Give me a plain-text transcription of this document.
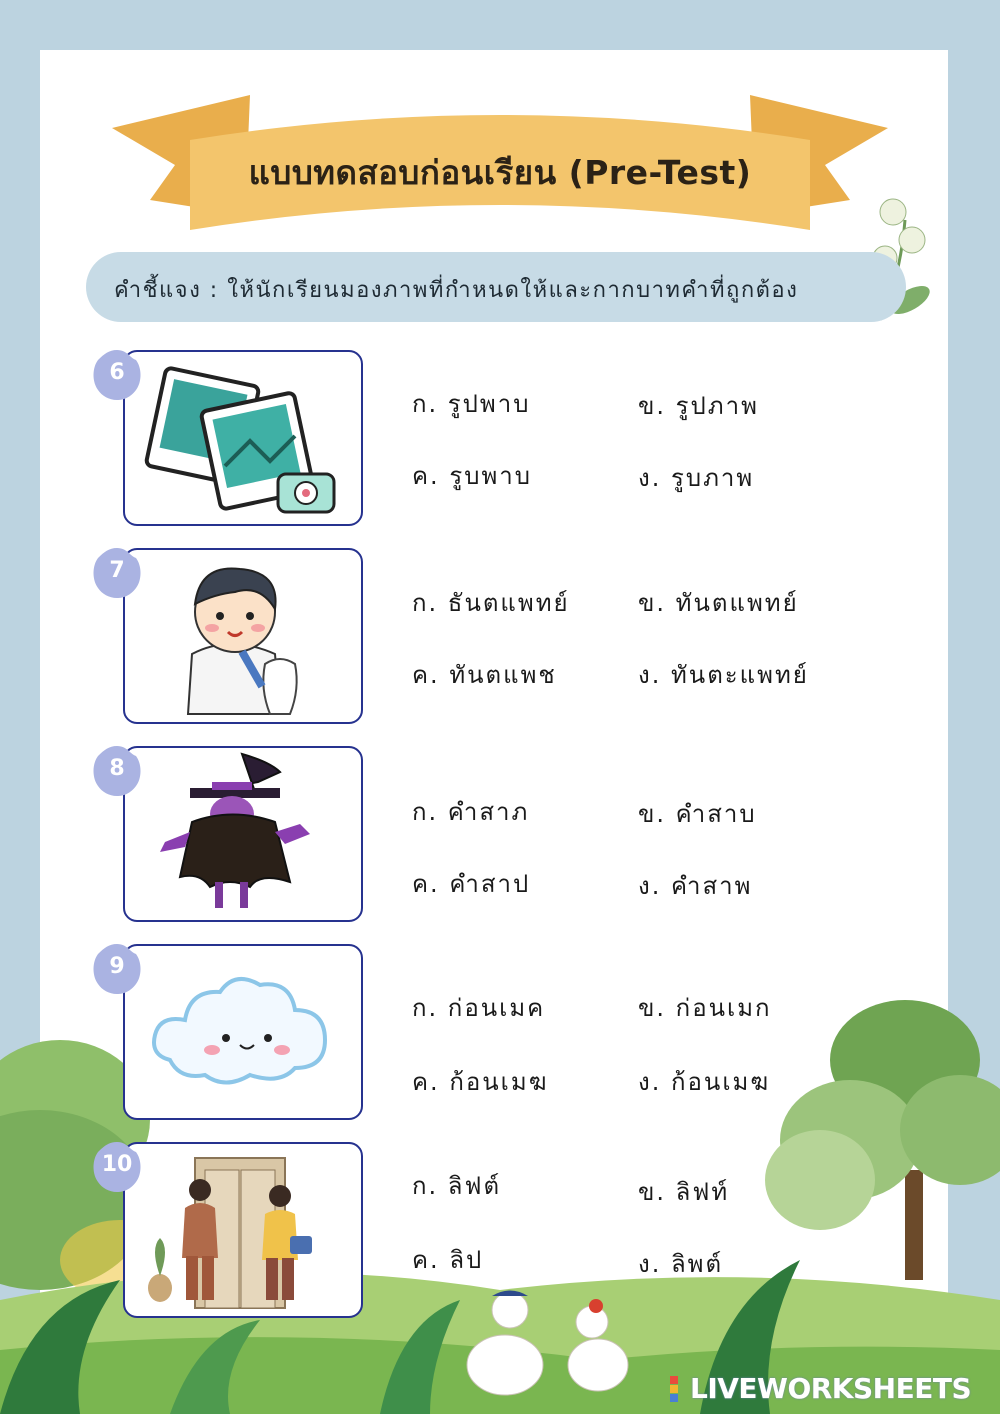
แบบทดสอบก่อนเรียน (Pre-Test)
คำชี้แจง : ให้นักเรียนมองภาพที่กำหนดให้และกากบาทคำที่ถูกต้อง
6
ก. รูปพาบ	ข. รูปภาพ
ค. รูบพาบ	ง. รูบภาพ
7
ก. ธันตแพทย์	ข. ทันตแพทย์
ค. ทันตแพช	ง. ทันตะแพทย์
8
ก. คำสาภ	ข. คำสาบ
ค. คำสาป	ง. คำสาพ
9
ก. ก่อนเมค	ข. ก่อนเมก
ค. ก้อนเมฆ	ง. ก้อนเมฆ
10
ก. ลิฟต์	ข. ลิฟท์
ค. ลิป	ง. ลิพต์
LIVEWORKSHEETS
